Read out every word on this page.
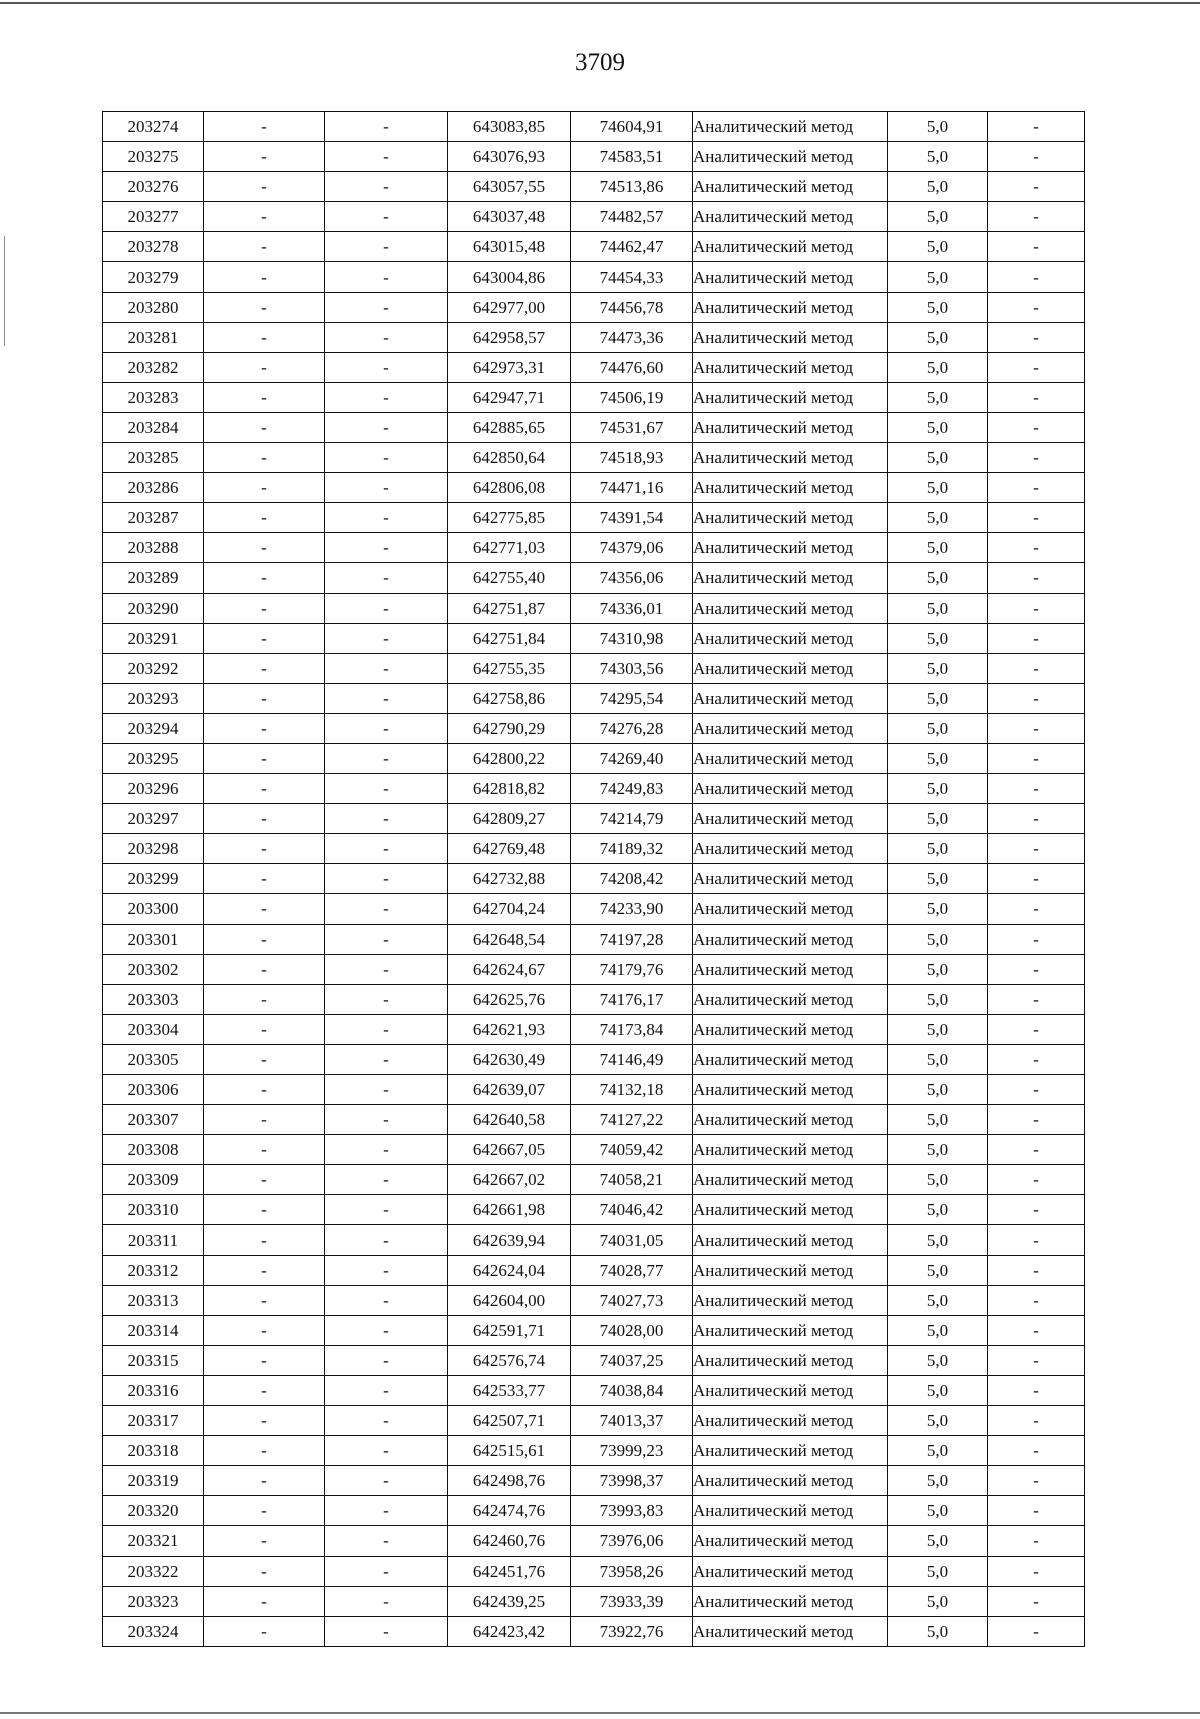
3709
203274	-	-	643083,85	74604,91	Аналитический метод	5,0	-
203275	-	-	643076,93	74583,51	Аналитический метод	5,0	-
203276	-	-	643057,55	74513,86	Аналитический метод	5,0	-
203277	-	-	643037,48	74482,57	Аналитический метод	5,0	-
203278	-	-	643015,48	74462,47	Аналитический метод	5,0	-
203279	-	-	643004,86	74454,33	Аналитический метод	5,0	-
203280	-	-	642977,00	74456,78	Аналитический метод	5,0	-
203281	-	-	642958,57	74473,36	Аналитический метод	5,0	-
203282	-	-	642973,31	74476,60	Аналитический метод	5,0	-
203283	-	-	642947,71	74506,19	Аналитический метод	5,0	-
203284	-	-	642885,65	74531,67	Аналитический метод	5,0	-
203285	-	-	642850,64	74518,93	Аналитический метод	5,0	-
203286	-	-	642806,08	74471,16	Аналитический метод	5,0	-
203287	-	-	642775,85	74391,54	Аналитический метод	5,0	-
203288	-	-	642771,03	74379,06	Аналитический метод	5,0	-
203289	-	-	642755,40	74356,06	Аналитический метод	5,0	-
203290	-	-	642751,87	74336,01	Аналитический метод	5,0	-
203291	-	-	642751,84	74310,98	Аналитический метод	5,0	-
203292	-	-	642755,35	74303,56	Аналитический метод	5,0	-
203293	-	-	642758,86	74295,54	Аналитический метод	5,0	-
203294	-	-	642790,29	74276,28	Аналитический метод	5,0	-
203295	-	-	642800,22	74269,40	Аналитический метод	5,0	-
203296	-	-	642818,82	74249,83	Аналитический метод	5,0	-
203297	-	-	642809,27	74214,79	Аналитический метод	5,0	-
203298	-	-	642769,48	74189,32	Аналитический метод	5,0	-
203299	-	-	642732,88	74208,42	Аналитический метод	5,0	-
203300	-	-	642704,24	74233,90	Аналитический метод	5,0	-
203301	-	-	642648,54	74197,28	Аналитический метод	5,0	-
203302	-	-	642624,67	74179,76	Аналитический метод	5,0	-
203303	-	-	642625,76	74176,17	Аналитический метод	5,0	-
203304	-	-	642621,93	74173,84	Аналитический метод	5,0	-
203305	-	-	642630,49	74146,49	Аналитический метод	5,0	-
203306	-	-	642639,07	74132,18	Аналитический метод	5,0	-
203307	-	-	642640,58	74127,22	Аналитический метод	5,0	-
203308	-	-	642667,05	74059,42	Аналитический метод	5,0	-
203309	-	-	642667,02	74058,21	Аналитический метод	5,0	-
203310	-	-	642661,98	74046,42	Аналитический метод	5,0	-
203311	-	-	642639,94	74031,05	Аналитический метод	5,0	-
203312	-	-	642624,04	74028,77	Аналитический метод	5,0	-
203313	-	-	642604,00	74027,73	Аналитический метод	5,0	-
203314	-	-	642591,71	74028,00	Аналитический метод	5,0	-
203315	-	-	642576,74	74037,25	Аналитический метод	5,0	-
203316	-	-	642533,77	74038,84	Аналитический метод	5,0	-
203317	-	-	642507,71	74013,37	Аналитический метод	5,0	-
203318	-	-	642515,61	73999,23	Аналитический метод	5,0	-
203319	-	-	642498,76	73998,37	Аналитический метод	5,0	-
203320	-	-	642474,76	73993,83	Аналитический метод	5,0	-
203321	-	-	642460,76	73976,06	Аналитический метод	5,0	-
203322	-	-	642451,76	73958,26	Аналитический метод	5,0	-
203323	-	-	642439,25	73933,39	Аналитический метод	5,0	-
203324	-	-	642423,42	73922,76	Аналитический метод	5,0	-
